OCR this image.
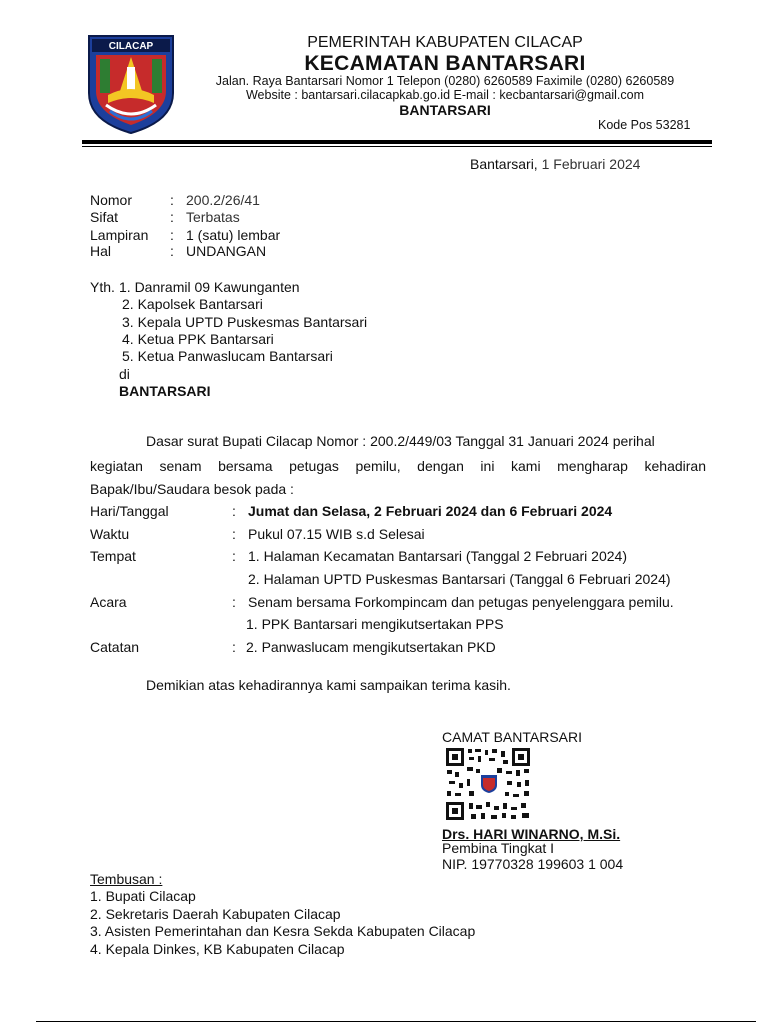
CILACAP	PEMERINTAH KABUPATEN CILACAP
KECAMATAN BANTARSARI
Jalan. Raya Bantarsari Nomor 1 Telepon (0280) 6260589 Faximile (0280) 6260589
Website : bantarsari.cilacapkab.go.id E-mail : kecbantarsari@gmail.com
BANTARSARI
Kode Pos 53281
Bantarsari, 1 Februari 2024
Nomor	: 200.2/26/41
Sifat	: Terbatas
Lampiran : 1 (satu) lembar
Hal	: UNDANGAN
Yth. 1. Danramil 09 Kawunganten
2. Kapolsek Bantarsari
3. Kepala UPTD Puskesmas Bantarsari
4. Ketua PPK Bantarsari
5. Ketua Panwaslucam Bantarsari
di
BANTARSARI
Dasar surat Bupati Cilacap Nomor : 200.2/449/03 Tanggal 31 Januari 2024 perihal
kegiatan senam bersama petugas pemilu, dengan ini kami mengharap kehadiran
Bapak/Ibu/Saudara besok pada :
Hari/Tanggal	: Jumat dan Selasa, 2 Februari 2024 dan 6 Februari 2024
Waktu	: Pukul 07.15 WIB s.d Selesai
Tempat	: 1. Halaman Kecamatan Bantarsari (Tanggal 2 Februari 2024)
2. Halaman UPTD Puskesmas Bantarsari (Tanggal 6 Februari 2024)
Acara	: Senam bersama Forkompincam dan petugas penyelenggara pemilu.
1. PPK Bantarsari mengikutsertakan PPS
Catatan	: 2. Panwaslucam mengikutsertakan PKD
Demikian atas kehadirannya kami sampaikan terima kasih.
CAMAT BANTARSARI
Drs. HARI WINARNO, M.Si.
Pembina Tingkat I
NIP. 19770328 199603 1 004
Tembusan :
1. Bupati Cilacap
2. Sekretaris Daerah Kabupaten Cilacap
3. Asisten Pemerintahan dan Kesra Sekda Kabupaten Cilacap
4. Kepala Dinkes, KB Kabupaten Cilacap
